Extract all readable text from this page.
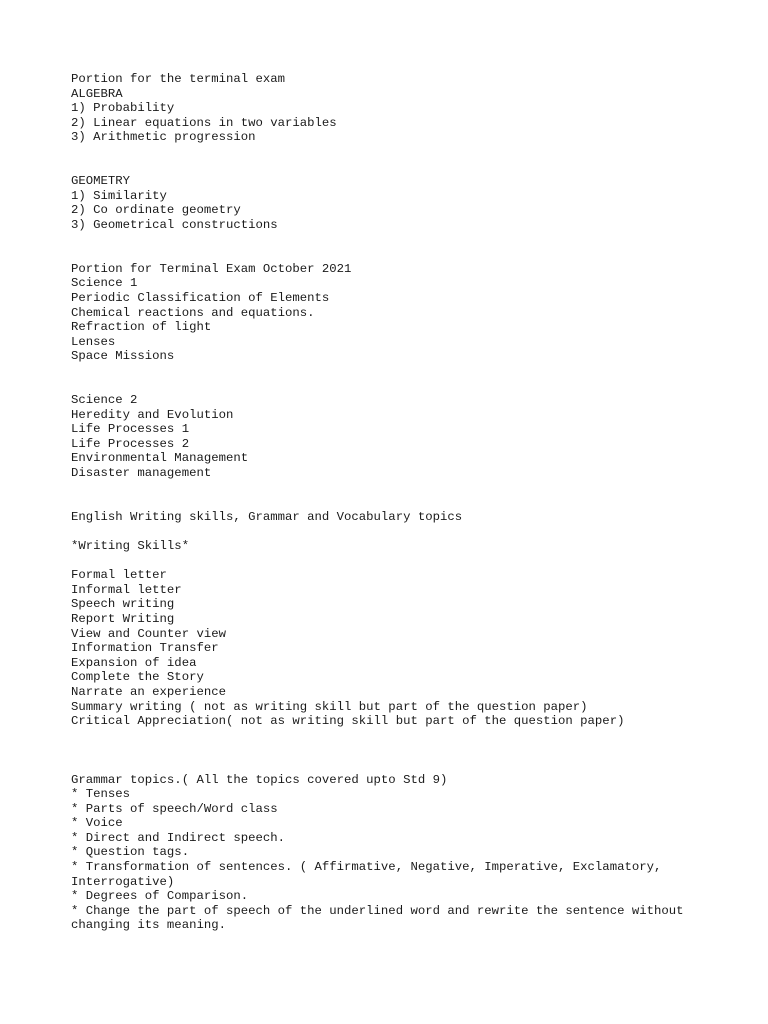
Portion for the terminal exam
ALGEBRA
1) Probability
2) Linear equations in two variables
3) Arithmetic progression
GEOMETRY
1) Similarity
2) Co ordinate geometry
3) Geometrical constructions
Portion for Terminal Exam October 2021
Science 1
Periodic Classification of Elements
Chemical reactions and equations.
Refraction of light
Lenses
Space Missions
Science 2
Heredity and Evolution
Life Processes 1
Life Processes 2
Environmental Management
Disaster management
English Writing skills, Grammar and Vocabulary topics
*Writing Skills*
Formal letter
Informal letter
Speech writing
Report Writing
View and Counter view
Information Transfer
Expansion of idea
Complete the Story
Narrate an experience
Summary writing ( not as writing skill but part of the question paper)
Critical Appreciation( not as writing skill but part of the question paper)
Grammar topics.( All the topics covered upto Std 9)
* Tenses
* Parts of speech/Word class
* Voice
* Direct and Indirect speech.
* Question tags.
* Transformation of sentences. ( Affirmative, Negative, Imperative, Exclamatory,
Interrogative)
* Degrees of Comparison.
* Change the part of speech of the underlined word and rewrite the sentence without
changing its meaning.
